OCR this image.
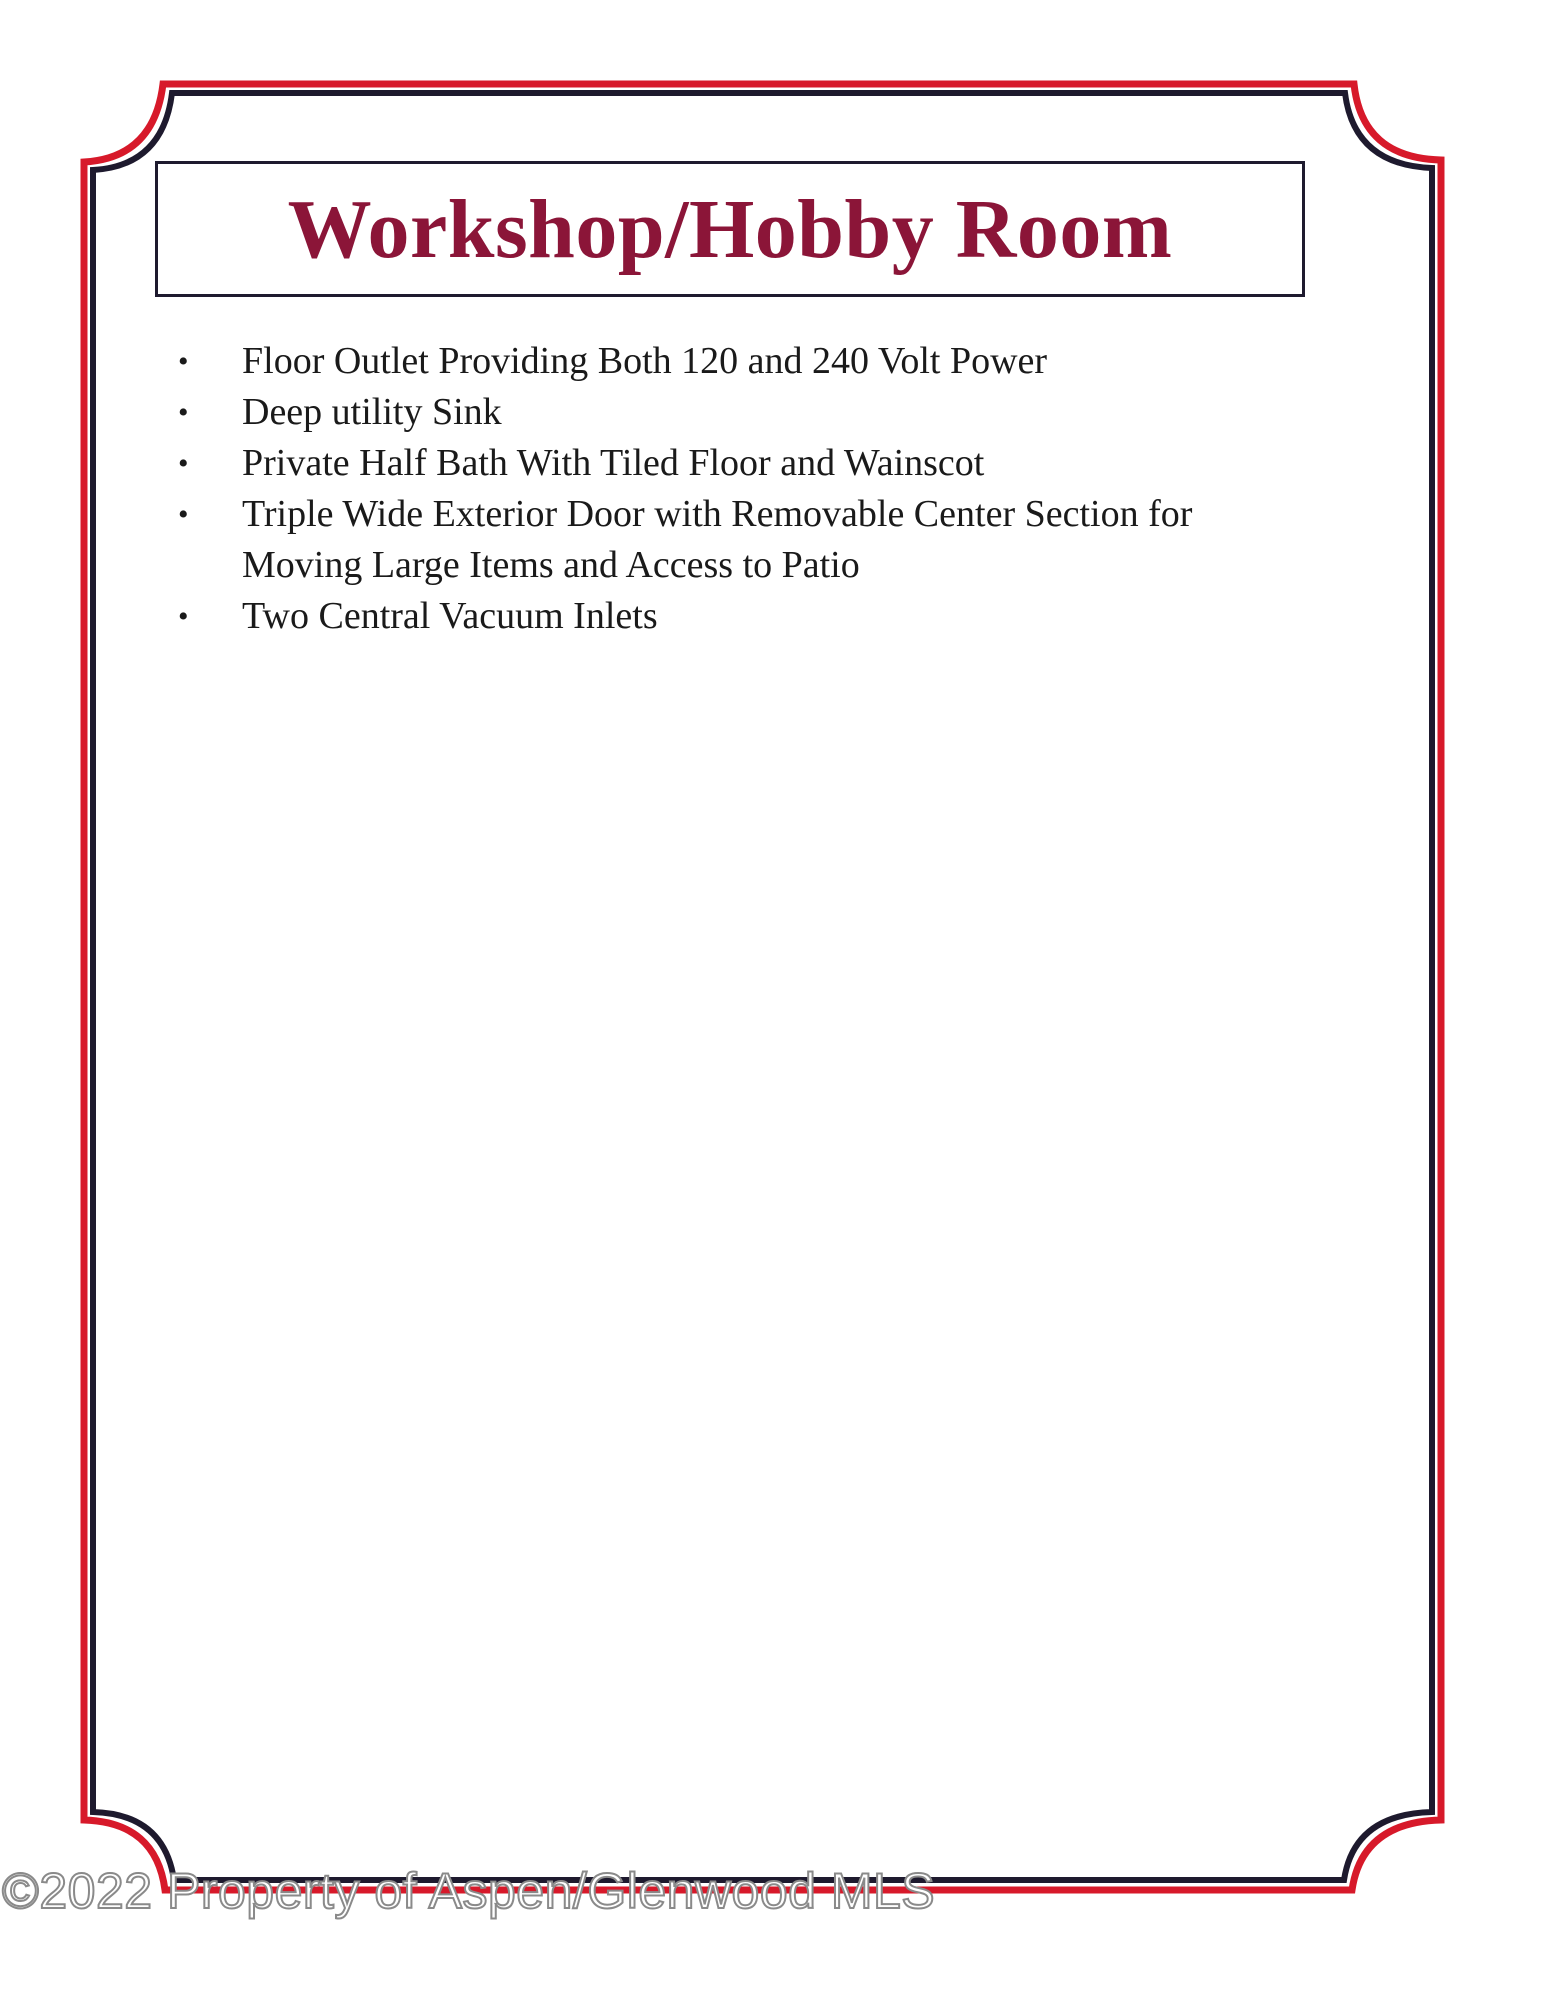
Workshop/Hobby Room
• Floor Outlet Providing Both 120 and 240 Volt Power
• Deep utility Sink
• Private Half Bath With Tiled Floor and Wainscot
• Triple Wide Exterior Door with Removable Center Section for Moving Large Items and Access to Patio
• Two Central Vacuum Inlets
©2022 Property of Aspen/Glenwood MLS
